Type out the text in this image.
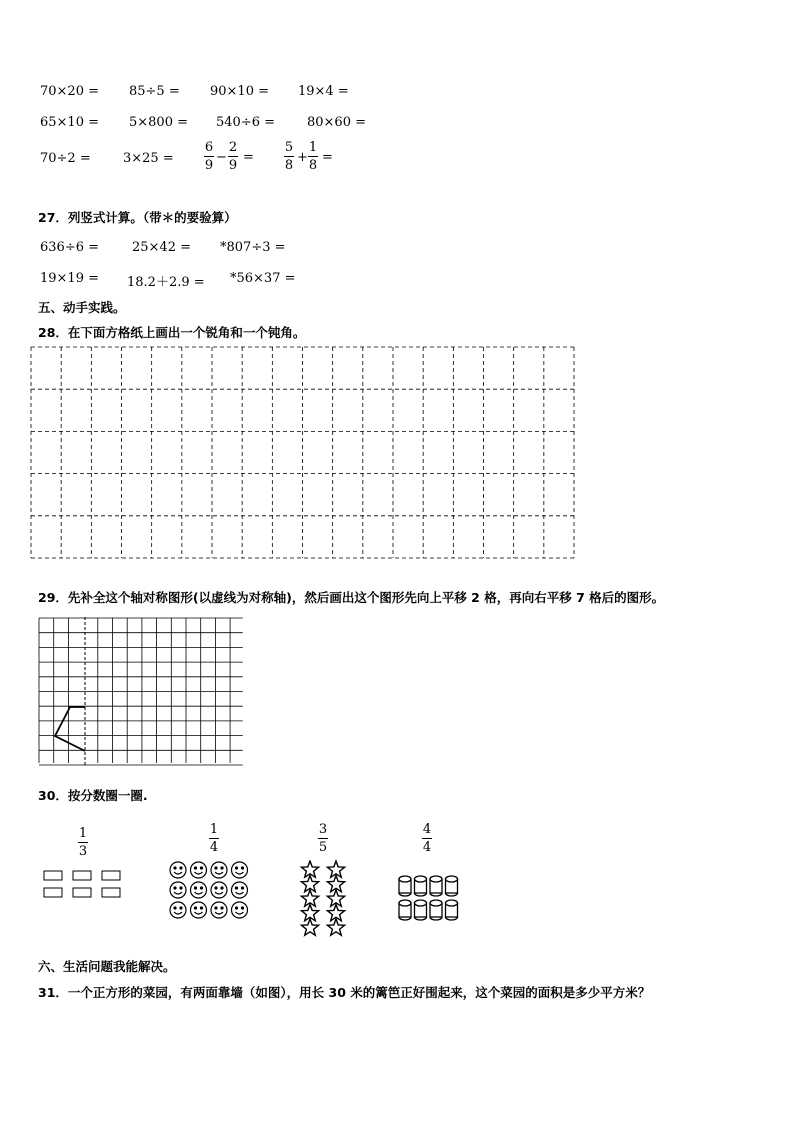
70×20 = 85÷5 = 90×10 = 19×4 =
65×10 = 5×800 = 540÷6 = 80×60 =
70÷2 = 3×25 =
6
9
−
2
9
=
5
8
+
1
8
=
27．列竖式计算。（带＊的要验算）
636÷6 =	25×42 = *807÷3 =
19×19 = 18.2＋2.9 = *56×37 =
五、动手实践。
28．在下面方格纸上画出一个锐角和一个钝角。
29．先补全这个轴对称图形(以虚线为对称轴)，然后画出这个图形先向上平移 2 格，再向右平移 7 格后的图形。
30．按分数圈一圈.
1
3
1
4
3
5
4
4
六、生活问题我能解决。
31．一个正方形的菜园，有两面靠墙（如图），用长 30 米的篱笆正好围起来，这个菜园的面积是多少平方米？
